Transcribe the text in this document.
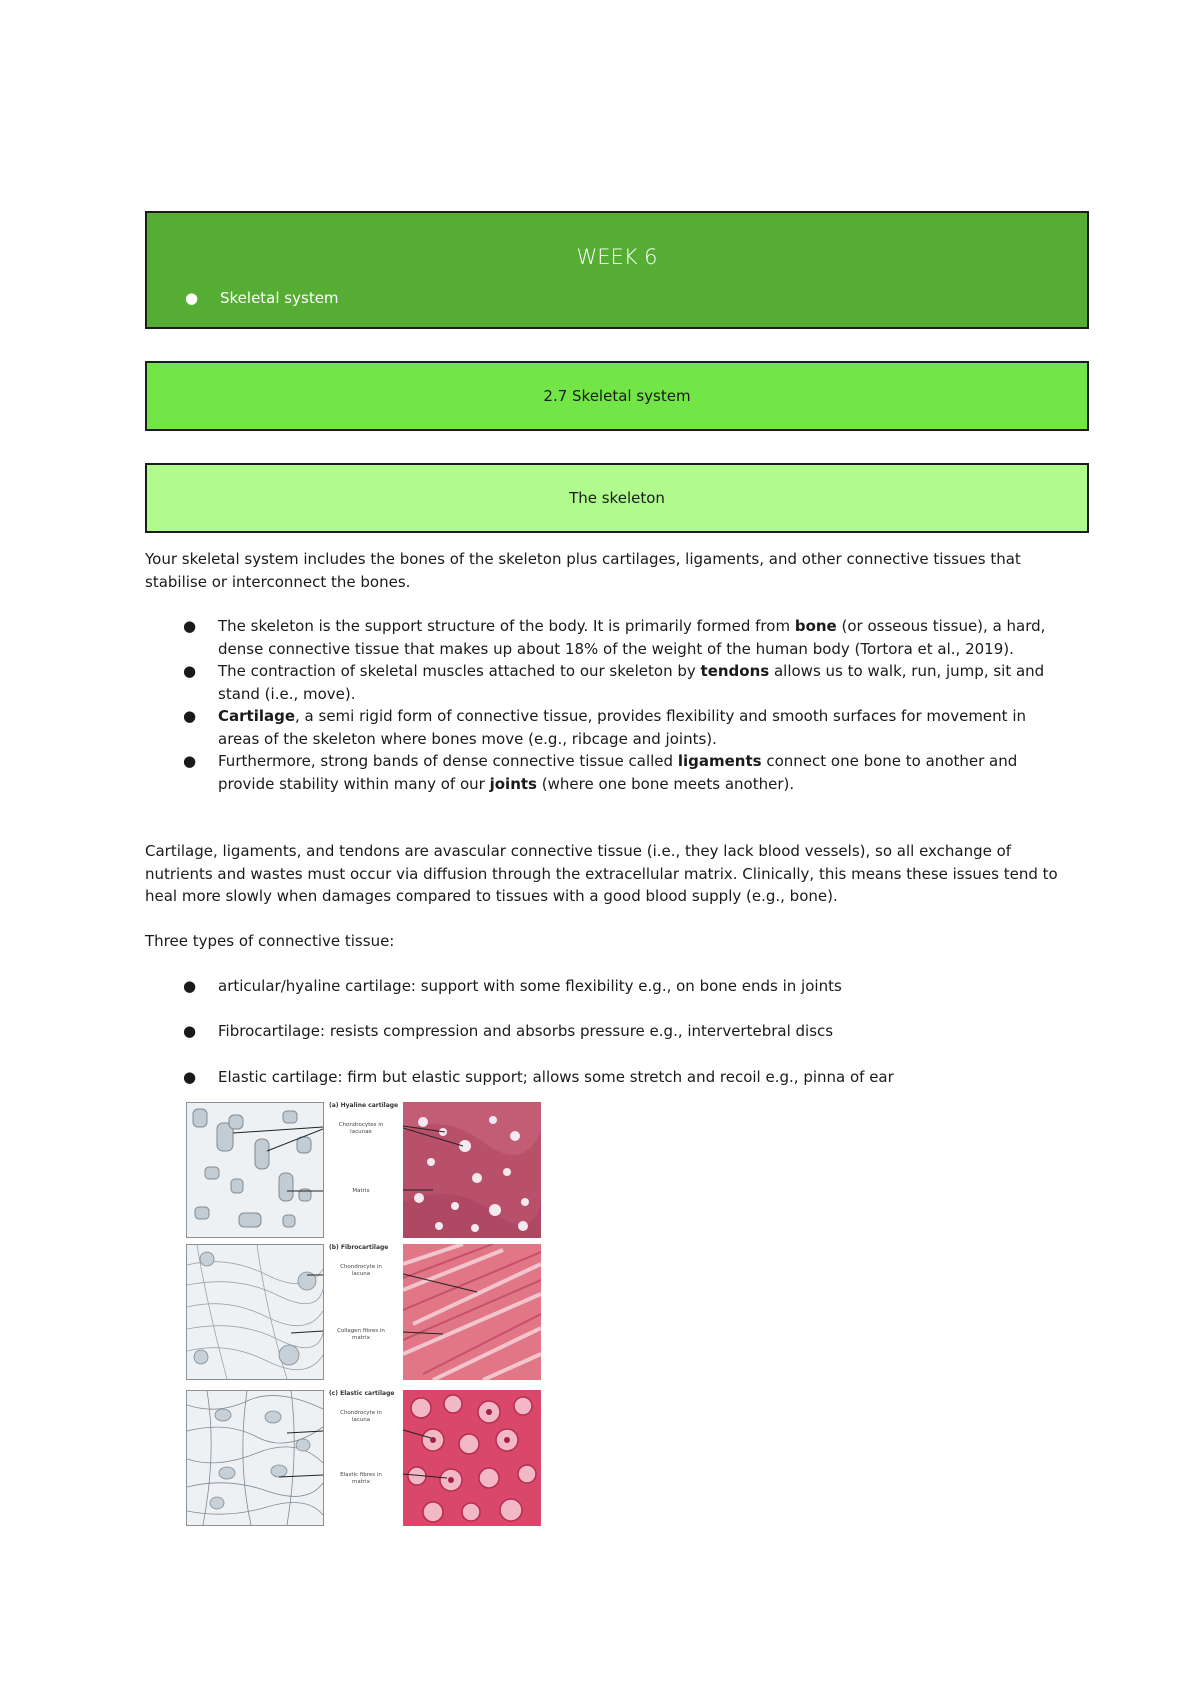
WEEK 6
● Skeletal system
2.7 Skeletal system
The skeleton

Your skeletal system includes the bones of the skeleton plus cartilages, ligaments, and other connective tissues that stabilise or interconnect the bones.

● The skeleton is the support structure of the body. It is primarily formed from bone (or osseous tissue), a hard, dense connective tissue that makes up about 18% of the weight of the human body (Tortora et al., 2019).
● The contraction of skeletal muscles attached to our skeleton by tendons allows us to walk, run, jump, sit and stand (i.e., move).
● Cartilage, a semi rigid form of connective tissue, provides flexibility and smooth surfaces for movement in areas of the skeleton where bones move (e.g., ribcage and joints).
● Furthermore, strong bands of dense connective tissue called ligaments connect one bone to another and provide stability within many of our joints (where one bone meets another).

Cartilage, ligaments, and tendons are avascular connective tissue (i.e., they lack blood vessels), so all exchange of nutrients and wastes must occur via diffusion through the extracellular matrix. Clinically, this means these issues tend to heal more slowly when damages compared to tissues with a good blood supply (e.g., bone).

Three types of connective tissue:

● articular/hyaline cartilage: support with some flexibility e.g., on bone ends in joints
● Fibrocartilage: resists compression and absorbs pressure e.g., intervertebral discs
● Elastic cartilage: firm but elastic support; allows some stretch and recoil e.g., pinna of ear
(a) Hyaline cartilage
Chondrocytes in lacunae
Matrix
(b) Fibrocartilage
Chondrocyte in lacuna
Collagen fibres in matrix
(c) Elastic cartilage
Chondrocyte in lacuna
Elastic fibres in matrix
